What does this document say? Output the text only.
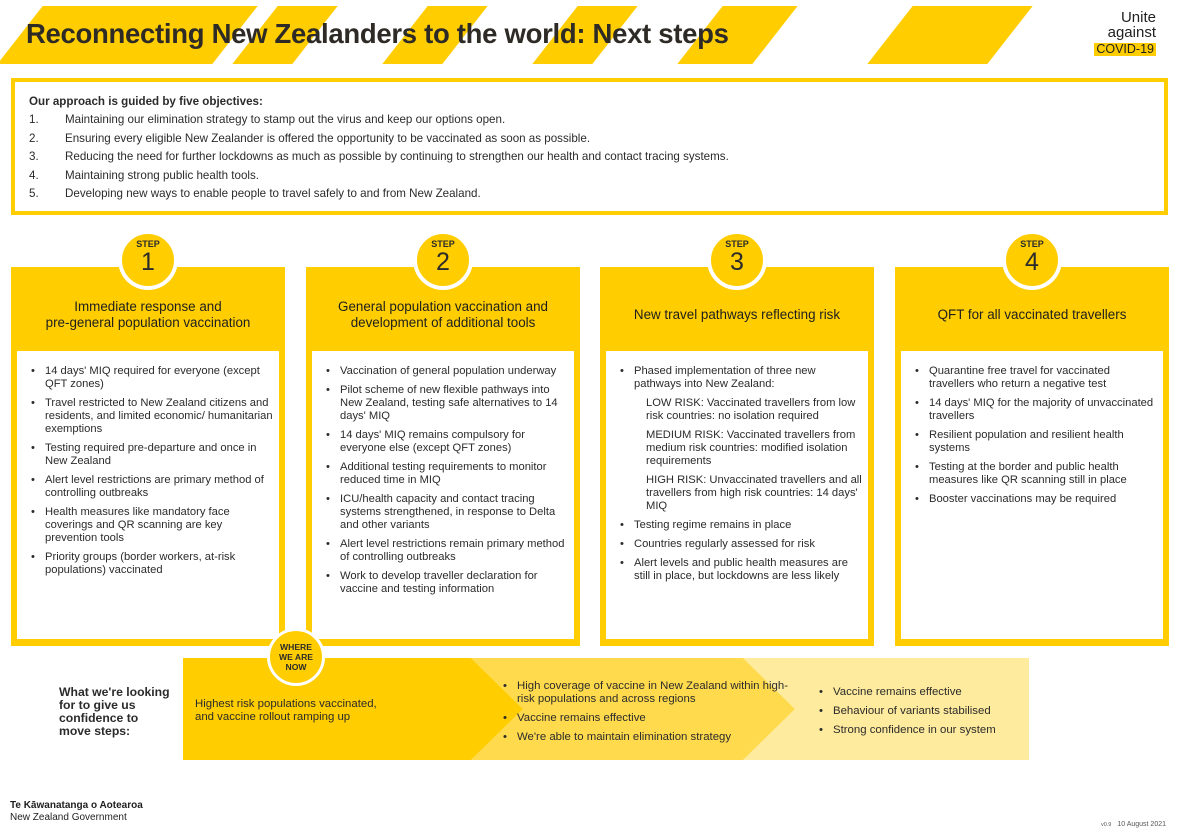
Reconnecting New Zealanders to the world: Next steps
Unite
against
COVID-19
Our approach is guided by five objectives:
1.	Maintaining our elimination strategy to stamp out the virus and keep our options open.
2.	Ensuring every eligible New Zealander is offered the opportunity to be vaccinated as soon as possible.
3.	Reducing the need for further lockdowns as much as possible by continuing to strengthen our health and contact tracing systems.
4.	Maintaining strong public health tools.
5.	Developing new ways to enable people to travel safely to and from New Zealand.
STEP
1
Immediate response and
pre-general population vaccination
• 14 days' MIQ required for everyone (except QFT zones)
• Travel restricted to New Zealand citizens and residents, and limited economic/ humanitarian exemptions
• Testing required pre-departure and once in New Zealand
• Alert level restrictions are primary method of controlling outbreaks
• Health measures like mandatory face coverings and QR scanning are key prevention tools
• Priority groups (border workers, at-risk populations) vaccinated
STEP
2
General population vaccination and
development of additional tools
• Vaccination of general population underway
• Pilot scheme of new flexible pathways into New Zealand, testing safe alternatives to 14 days' MIQ
• 14 days' MIQ remains compulsory for everyone else (except QFT zones)
• Additional testing requirements to monitor reduced time in MIQ
• ICU/health capacity and contact tracing systems strengthened, in response to Delta and other variants
• Alert level restrictions remain primary method of controlling outbreaks
• Work to develop traveller declaration for vaccine and testing information
STEP
3
New travel pathways reflecting risk
• Phased implementation of three new pathways into New Zealand:
LOW RISK: Vaccinated travellers from low risk countries: no isolation required
MEDIUM RISK: Vaccinated travellers from medium risk countries: modified isolation requirements
HIGH RISK: Unvaccinated travellers and all travellers from high risk countries: 14 days' MIQ
• Testing regime remains in place
• Countries regularly assessed for risk
• Alert levels and public health measures are still in place, but lockdowns are less likely
STEP
4
QFT for all vaccinated travellers
• Quarantine free travel for vaccinated travellers who return a negative test
• 14 days' MIQ for the majority of unvaccinated travellers
• Resilient population and resilient health systems
• Testing at the border and public health measures like QR scanning still in place
• Booster vaccinations may be required
WHERE
WE ARE
NOW
What we're looking
for to give us
confidence to
move steps:
Highest risk populations vaccinated,
and vaccine rollout ramping up
• High coverage of vaccine in New Zealand within high-risk populations and across regions
• Vaccine remains effective
• We're able to maintain elimination strategy
• Vaccine remains effective
• Behaviour of variants stabilised
• Strong confidence in our system
Te Kāwanatanga o Aotearoa
New Zealand Government
v0.9 10 August 2021
